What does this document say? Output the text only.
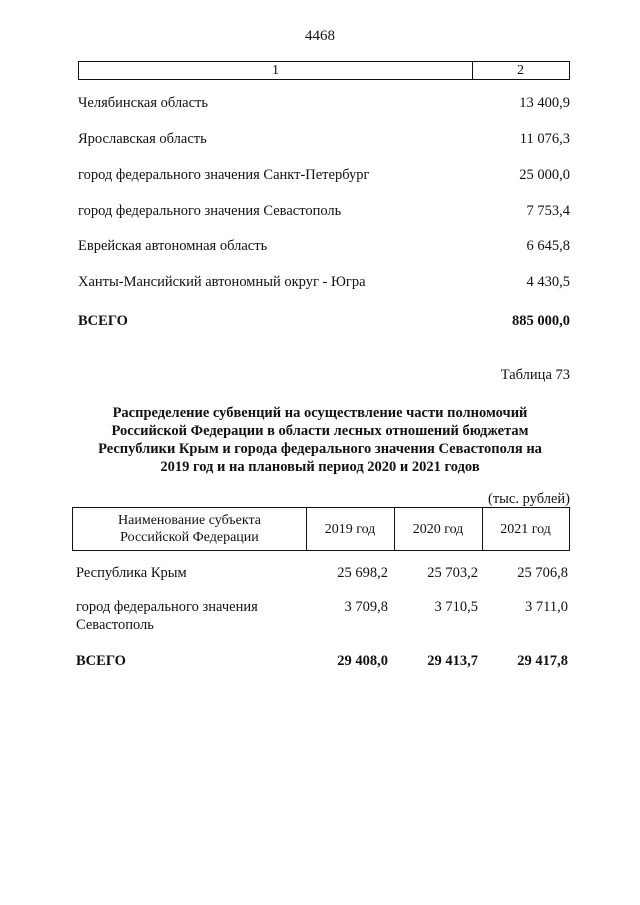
4468
1	2
Челябинская область	13 400,9
Ярославская область	11 076,3
город федерального значения Санкт-Петербург	25 000,0
город федерального значения Севастополь	7 753,4
Еврейская автономная область	6 645,8
Ханты-Мансийский автономный округ - Югра	4 430,5
ВСЕГО	885 000,0
Таблица 73
Распределение субвенций на осуществление части полномочий
Российской Федерации в области лесных отношений бюджетам
Республики Крым и города федерального значения Севастополя на
2019 год и на плановый период 2020 и 2021 годов
(тыс. рублей)
Наименование субъекта
Российской Федерации
2019 год	2020 год	2021 год
Республика Крым	25 698,2	25 703,2	25 706,8
город федерального значения
Севастополь
3 709,8	3 710,5	3 711,0
ВСЕГО	29 408,0	29 413,7	29 417,8
